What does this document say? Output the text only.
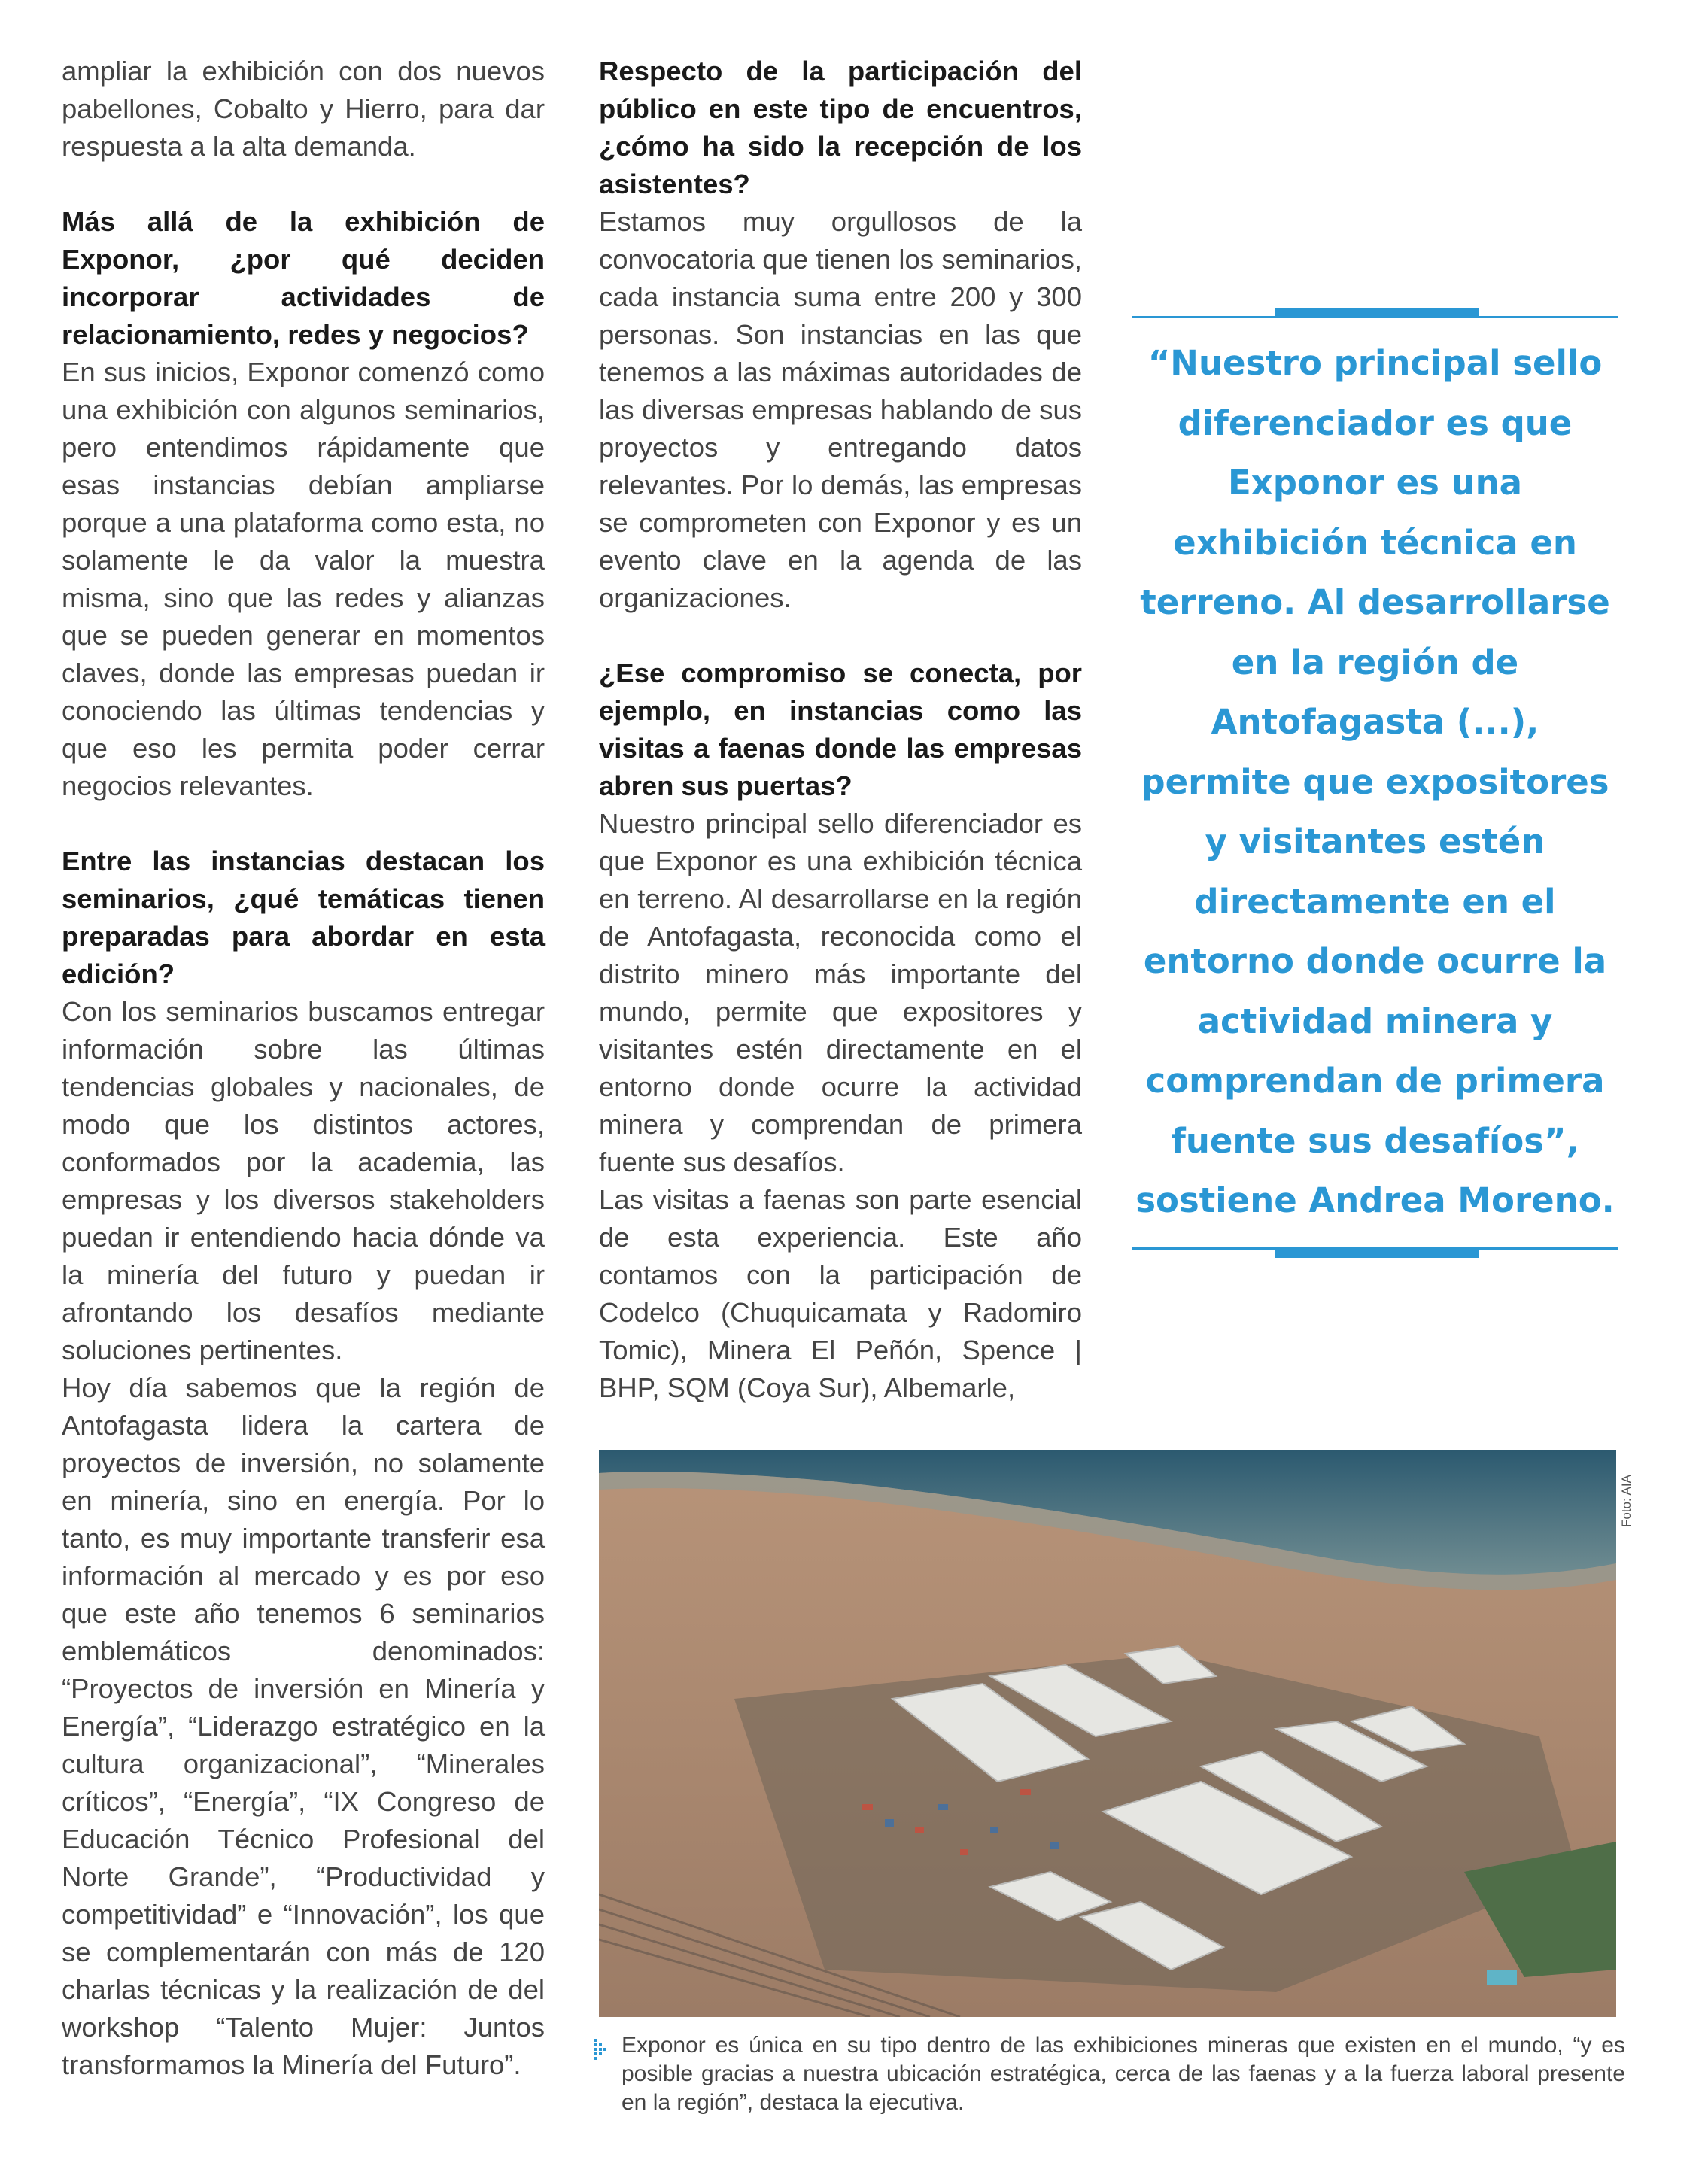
ampliar la exhibición con dos nuevos pabellones, Cobalto y Hierro, para dar respuesta a la alta demanda.

Más allá de la exhibición de Exponor, ¿por qué deciden incorporar actividades de relacionamiento, redes y negocios?

En sus inicios, Exponor comenzó como una exhibición con algunos seminarios, pero entendimos rápidamente que esas instancias debían ampliarse porque a una plataforma como esta, no solamente le da valor la muestra misma, sino que las redes y alianzas que se pueden generar en momentos claves, donde las empresas puedan ir conociendo las últimas tendencias y que eso les permita poder cerrar negocios relevantes.

Entre las instancias destacan los seminarios, ¿qué temáticas tienen preparadas para abordar en esta edición?

Con los seminarios buscamos entregar información sobre las últimas tendencias globales y nacionales, de modo que los distintos actores, conformados por la academia, las empresas y los diversos stakeholders puedan ir entendiendo hacia dónde va la minería del futuro y puedan ir afrontando los desafíos mediante soluciones pertinentes.

Hoy día sabemos que la región de Antofagasta lidera la cartera de proyectos de inversión, no solamente en minería, sino en energía. Por lo tanto, es muy importante transferir esa información al mercado y es por eso que este año tenemos 6 seminarios emblemáticos denominados: “Proyectos de inversión en Minería y Energía”, “Liderazgo estratégico en la cultura organizacional”, “Minerales críticos”, “Energía”, “IX Congreso de Educación Técnico Profesional del Norte Grande”, “Productividad y competitividad” e “Innovación”, los que se complementarán con más de 120 charlas técnicas y la realización de del workshop “Talento Mujer: Juntos transformamos la Minería del Futuro”.

Respecto de la participación del público en este tipo de encuentros, ¿cómo ha sido la recepción de los asistentes?

Estamos muy orgullosos de la convocatoria que tienen los seminarios, cada instancia suma entre 200 y 300 personas. Son instancias en las que tenemos a las máximas autoridades de las diversas empresas hablando de sus proyectos y entregando datos relevantes. Por lo demás, las empresas se comprometen con Exponor y es un evento clave en la agenda de las organizaciones.

¿Ese compromiso se conecta, por ejemplo, en instancias como las visitas a faenas donde las empresas abren sus puertas?

Nuestro principal sello diferenciador es que Exponor es una exhibición técnica en terreno. Al desarrollarse en la región de Antofagasta, reconocida como el distrito minero más importante del mundo, permite que expositores y visitantes estén directamente en el entorno donde ocurre la actividad minera y comprendan de primera fuente sus desafíos.

Las visitas a faenas son parte esencial de esta experiencia. Este año contamos con la participación de Codelco (Chuquicamata y Radomiro Tomic), Minera El Peñón, Spence | BHP, SQM (Coya Sur), Albemarle,

“Nuestro principal sello diferenciador es que Exponor es una exhibición técnica en terreno. Al desarrollarse en la región de Antofagasta (...), permite que expositores y visitantes estén directamente en el entorno donde ocurre la actividad minera y comprendan de primera fuente sus desafíos”, sostiene Andrea Moreno.
Foto: AIA
Exponor es única en su tipo dentro de las exhibiciones mineras que existen en el mundo, “y es posible gracias a nuestra ubicación estratégica, cerca de las faenas y a la fuerza laboral presente en la región”, destaca la ejecutiva.
